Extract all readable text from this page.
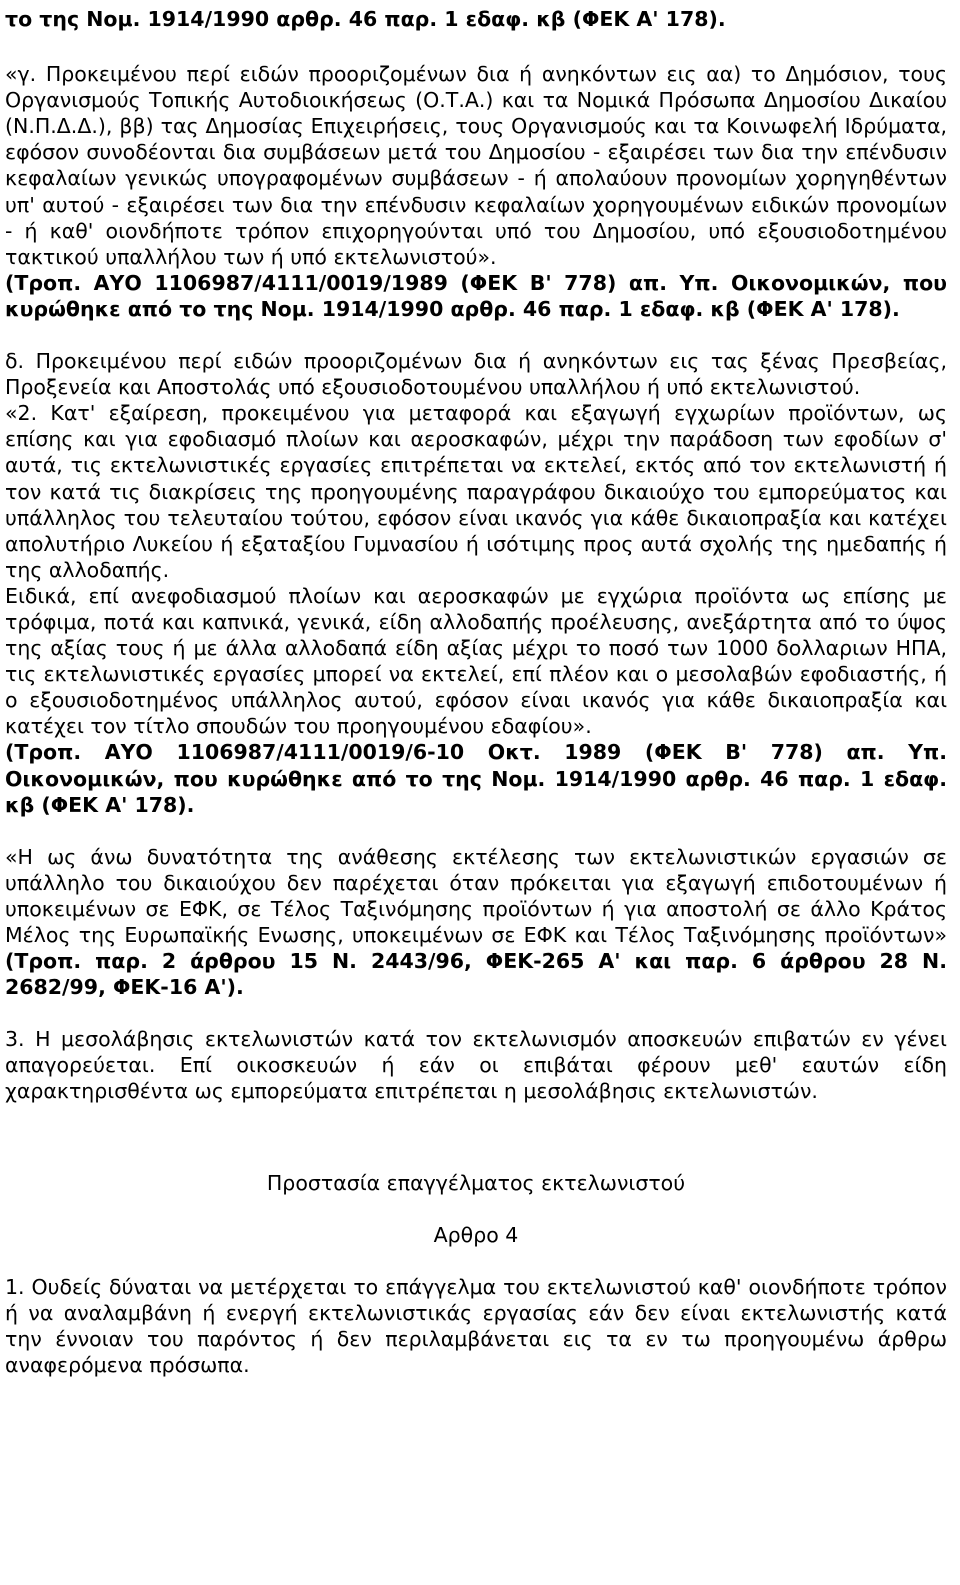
το της Νομ. 1914/1990 αρθρ. 46 παρ. 1 εδαφ. κβ (ΦΕΚ Α' 178).

«γ. Προκειμένου περί ειδών προοριζομένων δια ή ανηκόντων εις αα) το Δημόσιον, τους Οργανισμούς Τοπικής Αυτοδιοικήσεως (Ο.Τ.Α.) και τα Νομικά Πρόσωπα Δημοσίου Δικαίου (Ν.Π.Δ.Δ.), ββ) τας Δημοσίας Επιχειρήσεις, τους Οργανισμούς και τα Κοινωφελή Ιδρύματα, εφόσον συνοδέονται δια συμβάσεων μετά του Δημοσίου - εξαιρέσει των δια την επένδυσιν κεφαλαίων γενικώς υπογραφομένων συμβάσεων - ή απολαύουν προνομίων χορηγηθέντων υπ' αυτού - εξαιρέσει των δια την επένδυσιν κεφαλαίων χορηγουμένων ειδικών προνομίων - ή καθ' οιονδήποτε τρόπον επιχορηγούνται υπό του Δημοσίου, υπό εξουσιοδοτημένου τακτικού υπαλλήλου των ή υπό εκτελωνιστού».

(Τροπ. ΑΥΟ 1106987/4111/0019/1989 (ΦΕΚ Β' 778) απ. Υπ. Οικονομικών, που κυρώθηκε από το της Νομ. 1914/1990 αρθρ. 46 παρ. 1 εδαφ. κβ (ΦΕΚ Α' 178).

δ. Προκειμένου περί ειδών προοριζομένων δια ή ανηκόντων εις τας ξένας Πρεσβείας, Προξενεία και Αποστολάς υπό εξουσιοδοτουμένου υπαλλήλου ή υπό εκτελωνιστού.

«2. Κατ' εξαίρεση, προκειμένου για μεταφορά και εξαγωγή εγχωρίων προϊόντων, ως επίσης και για εφοδιασμό πλοίων και αεροσκαφών, μέχρι την παράδοση των εφοδίων σ' αυτά, τις εκτελωνιστικές εργασίες επιτρέπεται να εκτελεί, εκτός από τον εκτελωνιστή ή τον κατά τις διακρίσεις της προηγουμένης παραγράφου δικαιούχο του εμπορεύματος και υπάλληλος του τελευταίου τούτου, εφόσον είναι ικανός για κάθε δικαιοπραξία και κατέχει απολυτήριο Λυκείου ή εξαταξίου Γυμνασίου ή ισότιμης προς αυτά σχολής της ημεδαπής ή της αλλοδαπής.

Ειδικά, επί ανεφοδιασμού πλοίων και αεροσκαφών με εγχώρια προϊόντα ως επίσης με τρόφιμα, ποτά και καπνικά, γενικά, είδη αλλοδαπής προέλευσης, ανεξάρτητα από το ύψος της αξίας τους ή με άλλα αλλοδαπά είδη αξίας μέχρι το ποσό των 1000 δολλαριων ΗΠΑ, τις εκτελωνιστικές εργασίες μπορεί να εκτελεί, επί πλέον και ο μεσολαβών εφοδιαστής, ή ο εξουσιοδοτημένος υπάλληλος αυτού, εφόσον είναι ικανός για κάθε δικαιοπραξία και κατέχει τον τίτλο σπουδών του προηγουμένου εδαφίου».

(Τροπ. ΑΥΟ 1106987/4111/0019/6-10 Οκτ. 1989 (ΦΕΚ Β' 778) απ. Υπ. Οικονομικών, που κυρώθηκε από το της Νομ. 1914/1990 αρθρ. 46 παρ. 1 εδαφ. κβ (ΦΕΚ Α' 178).

«Η ως άνω δυνατότητα της ανάθεσης εκτέλεσης των εκτελωνιστικών εργασιών σε υπάλληλο του δικαιούχου δεν παρέχεται όταν πρόκειται για εξαγωγή επιδοτουμένων ή υποκειμένων σε ΕΦΚ, σε Τέλος Ταξινόμησης προϊόντων ή για αποστολή σε άλλο Κράτος Μέλος της Ευρωπαϊκής Ενωσης, υποκειμένων σε ΕΦΚ και Τέλος Ταξινόμησης προϊόντων» (Τροπ. παρ. 2 άρθρου 15 Ν. 2443/96, ΦΕΚ-265 Α' και παρ. 6 άρθρου 28 Ν. 2682/99, ΦΕΚ-16 Α').

3. Η μεσολάβησις εκτελωνιστών κατά τον εκτελωνισμόν αποσκευών επιβατών εν γένει απαγορεύεται. Επί οικοσκευών ή εάν οι επιβάται φέρουν μεθ' εαυτών είδη χαρακτηρισθέντα ως εμπορεύματα επιτρέπεται η μεσολάβησις εκτελωνιστών.

Προστασία επαγγέλματος εκτελωνιστού

Αρθρο 4

1. Ουδείς δύναται να μετέρχεται το επάγγελμα του εκτελωνιστού καθ' οιονδήποτε τρόπον ή να αναλαμβάνη ή ενεργή εκτελωνιστικάς εργασίας εάν δεν είναι εκτελωνιστής κατά την έννοιαν του παρόντος ή δεν περιλαμβάνεται εις τα εν τω προηγουμένω άρθρω αναφερόμενα πρόσωπα.
